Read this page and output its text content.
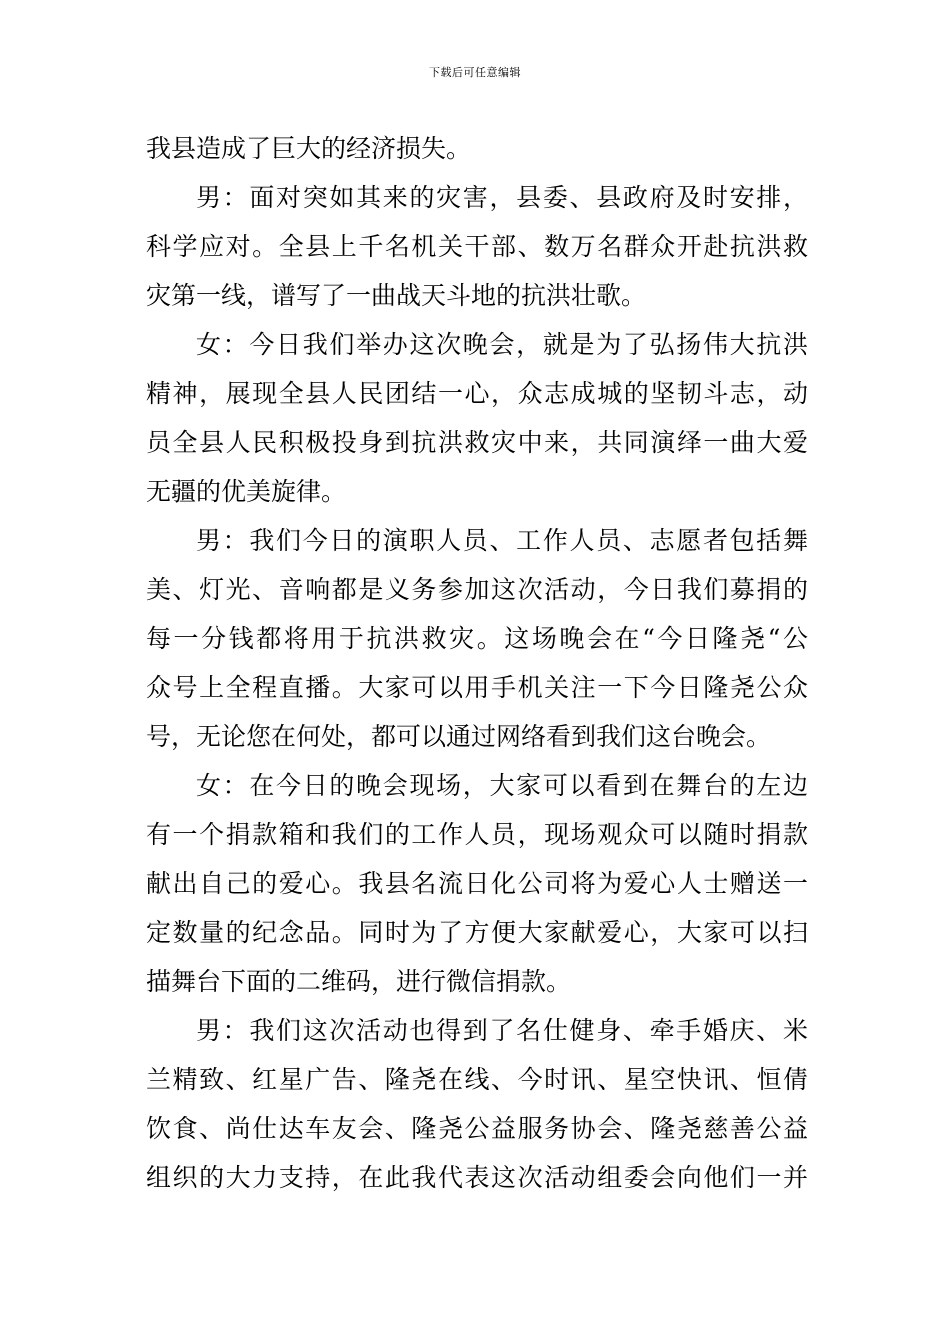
下载后可任意编辑
我县造成了巨大的经济损失。
男：面对突如其来的灾害，县委、县政府及时安排，
科学应对。全县上千名机关干部、数万名群众开赴抗洪救
灾第一线，谱写了一曲战天斗地的抗洪壮歌。
女：今日我们举办这次晚会，就是为了弘扬伟大抗洪
精神，展现全县人民团结一心，众志成城的坚韧斗志，动
员全县人民积极投身到抗洪救灾中来，共同演绎一曲大爱
无疆的优美旋律。
男：我们今日的演职人员、工作人员、志愿者包括舞
美、灯光、音响都是义务参加这次活动，今日我们募捐的
每一分钱都将用于抗洪救灾。这场晚会在“今日隆尧“公
众号上全程直播。大家可以用手机关注一下今日隆尧公众
号，无论您在何处，都可以通过网络看到我们这台晚会。
女：在今日的晚会现场，大家可以看到在舞台的左边
有一个捐款箱和我们的工作人员，现场观众可以随时捐款
献出自己的爱心。我县名流日化公司将为爱心人士赠送一
定数量的纪念品。同时为了方便大家献爱心，大家可以扫
描舞台下面的二维码，进行微信捐款。
男：我们这次活动也得到了名仕健身、牵手婚庆、米
兰精致、红星广告、隆尧在线、今时讯、星空快讯、恒倩
饮食、尚仕达车友会、隆尧公益服务协会、隆尧慈善公益
组织的大力支持，在此我代表这次活动组委会向他们一并
